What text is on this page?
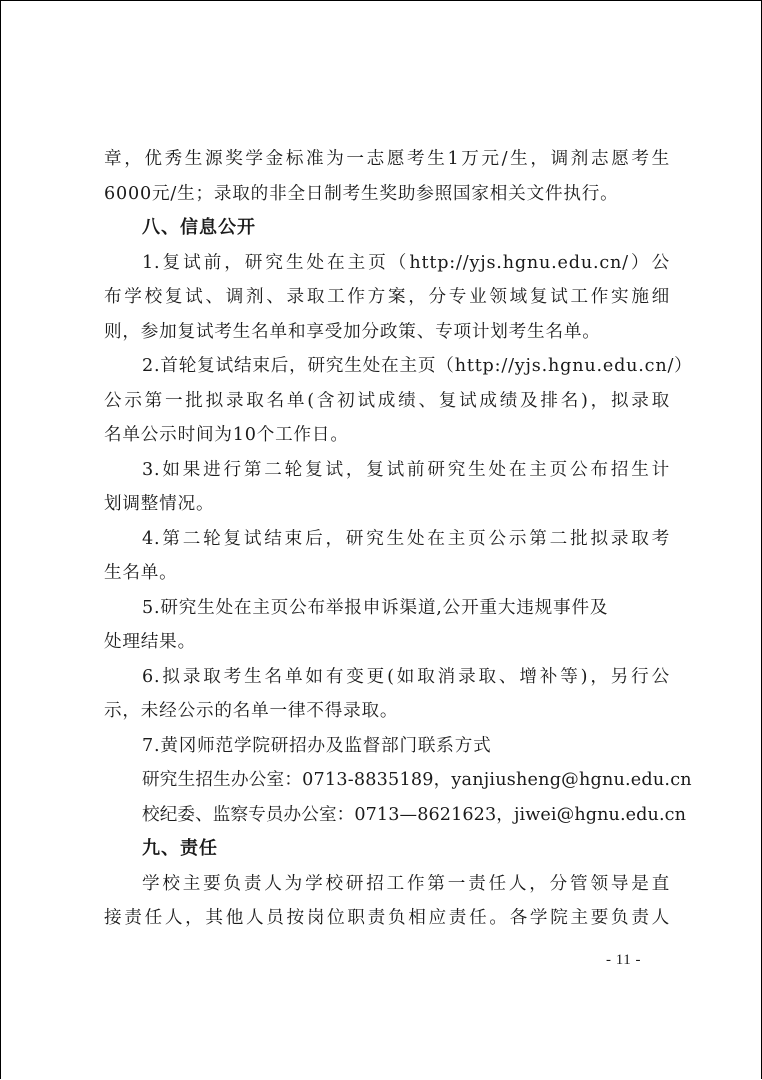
章，优秀生源奖学金标准为一志愿考生1万元/生，调剂志愿考生
6000元/生；录取的非全日制考生奖助参照国家相关文件执行。
八、信息公开
1.复试前，研究生处在主页（http://yjs.hgnu.edu.cn/）公
布学校复试、调剂、录取工作方案，分专业领域复试工作实施细
则，参加复试考生名单和享受加分政策、专项计划考生名单。
2.首轮复试结束后，研究生处在主页（http://yjs.hgnu.edu.cn/）
公示第一批拟录取名单(含初试成绩、复试成绩及排名)，拟录取
名单公示时间为10个工作日。
3.如果进行第二轮复试，复试前研究生处在主页公布招生计
划调整情况。
4.第二轮复试结束后，研究生处在主页公示第二批拟录取考
生名单。
5.研究生处在主页公布举报申诉渠道,公开重大违规事件及
处理结果。
6.拟录取考生名单如有变更(如取消录取、增补等)，另行公
示，未经公示的名单一律不得录取。
7.黄冈师范学院研招办及监督部门联系方式
研究生招生办公室：0713-8835189，yanjiusheng@hgnu.edu.cn
校纪委、监察专员办公室：0713—8621623，jiwei@hgnu.edu.cn
九、责任
学校主要负责人为学校研招工作第一责任人，分管领导是直
接责任人，其他人员按岗位职责负相应责任。各学院主要负责人
- 11 -
